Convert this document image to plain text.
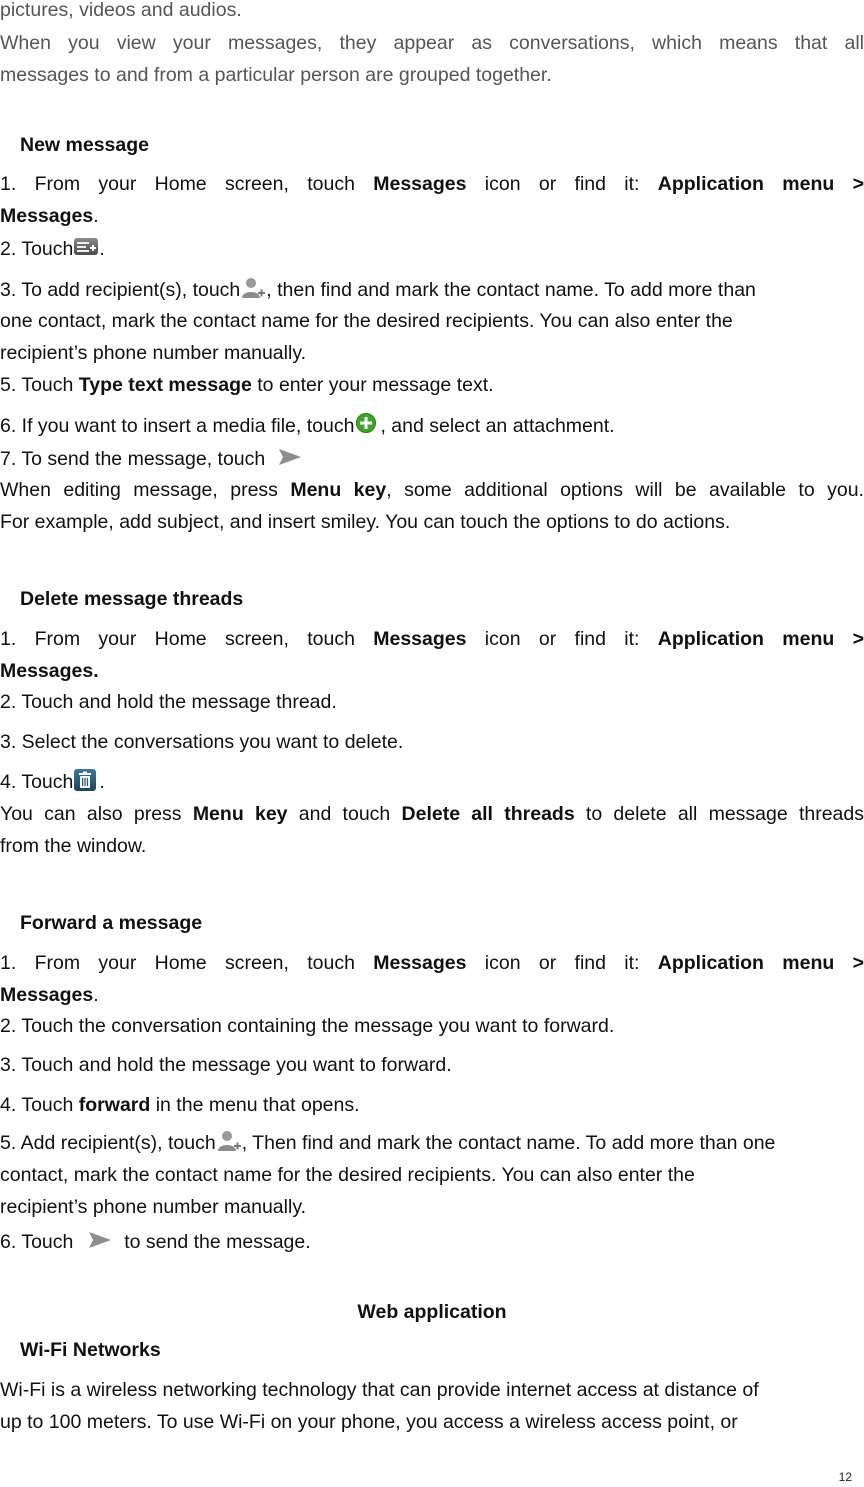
pictures, videos and audios.
When you view your messages, they appear as conversations, which means that all
messages to and from a particular person are grouped together.
New message
1. From your Home screen, touch Messages icon or find it: Application menu >
Messages.
2. Touch .
3. To add recipient(s), touch , then find and mark the contact name. To add more than
one contact, mark the contact name for the desired recipients. You can also enter the
recipient’s phone number manually.
5. Touch Type text message to enter your message text.
6. If you want to insert a media file, touch , and select an attachment.
7. To send the message, touch
When editing message, press Menu key, some additional options will be available to you.
For example, add subject, and insert smiley. You can touch the options to do actions.
Delete message threads
1. From your Home screen, touch Messages icon or find it: Application menu >
Messages.
2. Touch and hold the message thread.
3. Select the conversations you want to delete.
4. Touch .
You can also press Menu key and touch Delete all threads to delete all message threads
from the window.
Forward a message
1. From your Home screen, touch Messages icon or find it: Application menu >
Messages.
2. Touch the conversation containing the message you want to forward.
3. Touch and hold the message you want to forward.
4. Touch forward in the menu that opens.
5. Add recipient(s), touch , Then find and mark the contact name. To add more than one
contact, mark the contact name for the desired recipients. You can also enter the
recipient’s phone number manually.
6. Touch  to send the message.
Web application
Wi-Fi Networks
Wi-Fi is a wireless networking technology that can provide internet access at distance of
up to 100 meters. To use Wi-Fi on your phone, you access a wireless access point, or
12
